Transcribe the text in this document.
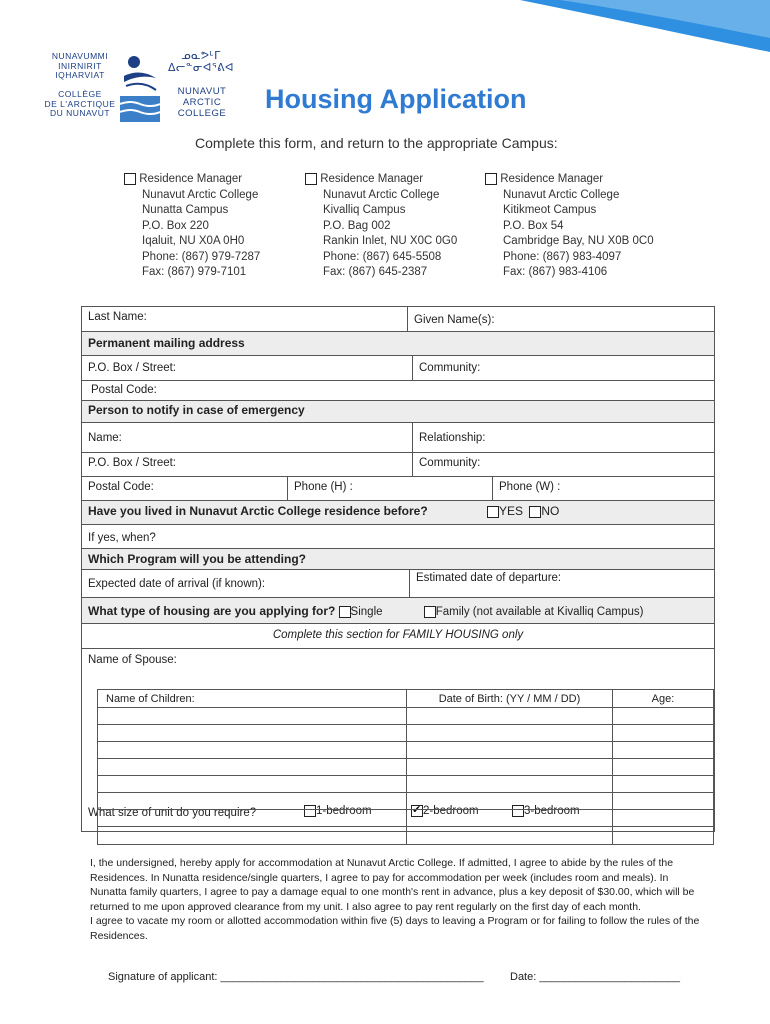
NUNAVUMMI
INIRNIRIT
IQHARVIAT
COLLÈGE
DE L'ARCTIQUE
DU NUNAVUT
ᓄᓇᕗᒻᒥ
ᐃᓕᓐᓂᐊᕐᕕᐊ
NUNAVUT
ARCTIC
COLLEGE Housing Application
Complete this form, and return to the appropriate Campus:
Residence Manager
Nunavut Arctic College
Nunatta Campus
P.O. Box 220
Iqaluit, NU X0A 0H0
Phone: (867) 979-7287
Fax: (867) 979-7101
Residence Manager
Nunavut Arctic College
Kivalliq Campus
P.O. Bag 002
Rankin Inlet, NU X0C 0G0
Phone: (867) 645-5508
Fax: (867) 645-2387
Residence Manager
Nunavut Arctic College
Kitikmeot Campus
P.O. Box 54
Cambridge Bay, NU X0B 0C0
Phone: (867) 983-4097
Fax: (867) 983-4106
Last Name:	Given Name(s):
Permanent mailing address
P.O. Box / Street:	Community:
Postal Code:
Person to notify in case of emergency
Name:	Relationship:
P.O. Box / Street:	Community:
Postal Code:	Phone (H) :	Phone (W) :
Have you lived in Nunavut Arctic College residence before?	YES NO
If yes, when?
Which Program will you be attending?
Expected date of arrival (if known):	Estimated date of departure:
What type of housing are you applying for? Single	Family (not available at Kivalliq Campus)
Complete this section for FAMILY HOUSING only
Name of Spouse:
What size of unit do you require?	1-bedroom
✔	2-bedroom	3-bedroom
Name of Children:	Date of Birth: (YY / MM / DD)	Age:
I, the undersigned, hereby apply for accommodation at Nunavut Arctic College. If admitted, I agree to abide by the rules of the Residences. In Nunatta residence/single quarters, I agree to pay for accommodation per week (includes room and meals). In Nunatta family quarters, I agree to pay a damage equal to one month's rent in advance, plus a key deposit of $30.00, which will be returned to me upon approved clearance from my unit. I also agree to pay rent regularly on the first day of each month.
I agree to vacate my room or allotted accommodation within five (5) days to leaving a Program or for failing to follow the rules of the Residences.
Signature of applicant: ___________________________________________ Date: _______________________
